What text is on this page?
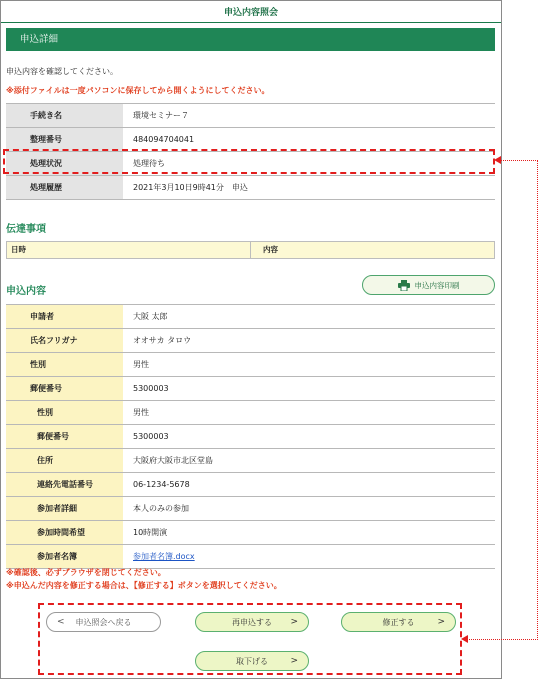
申込内容照会
申込詳細
申込内容を確認してください。
※添付ファイルは一度パソコンに保存してから開くようにしてください。
手続き名	環境セミナー７
整理番号	484094704041
処理状況	処理待ち
処理履歴	2021年3月10日9時41分　申込
伝達事項
日時	内容
申込内容
申込内容印刷
申請者	大阪 太郎
氏名フリガナ	オオサカ タロウ
性別	男性
郵便番号	5300003
性別	男性
郵便番号	5300003
住所	大阪府大阪市北区堂島
連絡先電話番号	06-1234-5678
参加者詳細	本人のみの参加
参加時間希望	10時開演
参加者名簿	参加者名簿.docx
※確認後、必ずブラウザを閉じてください。
※申込んだ内容を修正する場合は、【修正する】ボタンを選択してください。
< 申込照会へ戻る	再申込する >	修正する	>
取下げる >
